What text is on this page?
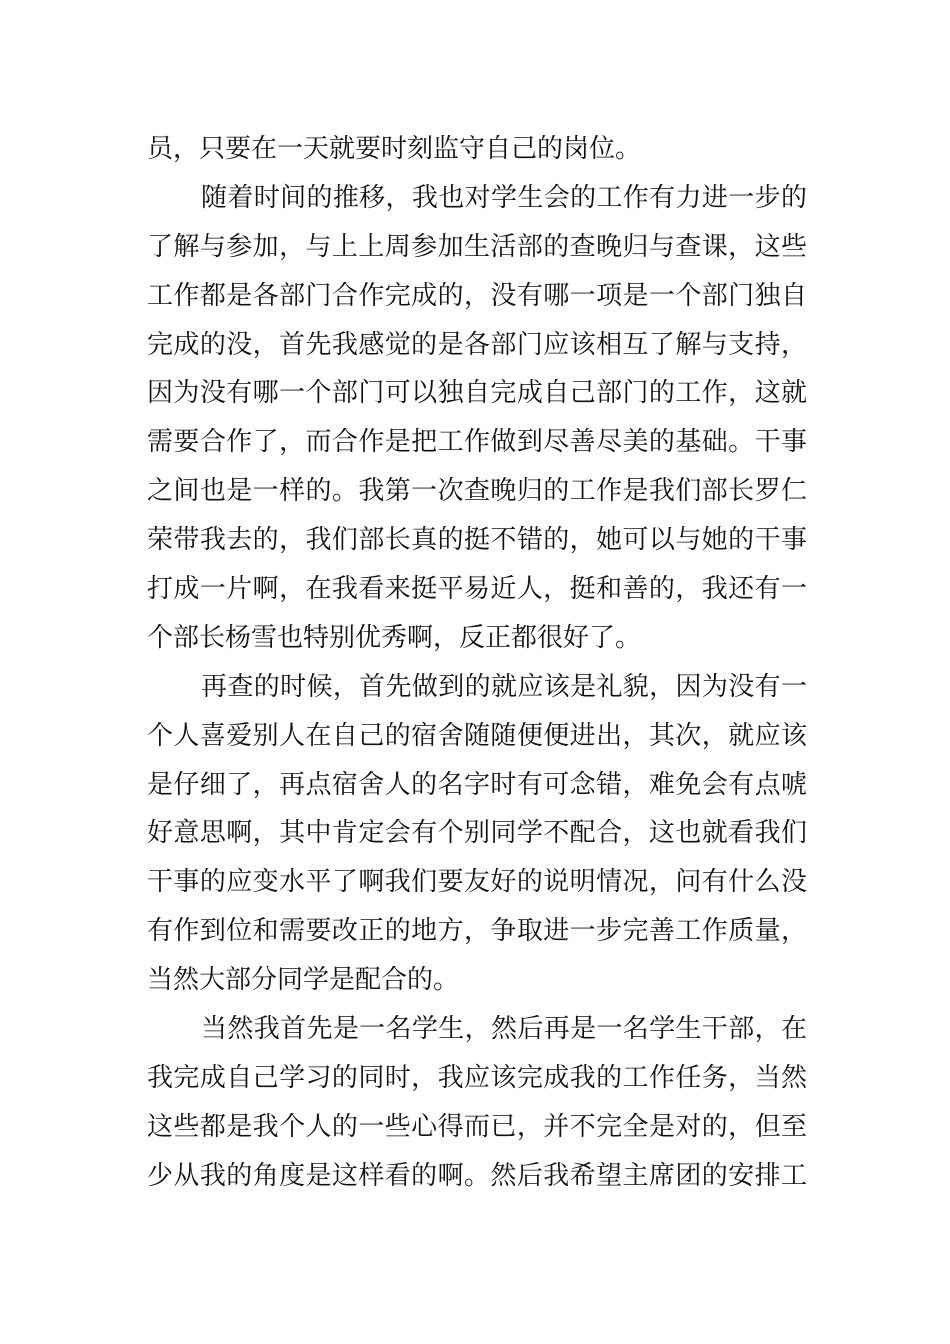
员，只要在一天就要时刻监守自己的岗位。
随着时间的推移，我也对学生会的工作有力进一步的
了解与参加，与上上周参加生活部的查晚归与查课，这些
工作都是各部门合作完成的，没有哪一项是一个部门独自
完成的没，首先我感觉的是各部门应该相互了解与支持，
因为没有哪一个部门可以独自完成自己部门的工作，这就
需要合作了，而合作是把工作做到尽善尽美的基础。干事
之间也是一样的。我第一次查晚归的工作是我们部长罗仁
荣带我去的，我们部长真的挺不错的，她可以与她的干事
打成一片啊，在我看来挺平易近人，挺和善的，我还有一
个部长杨雪也特别优秀啊，反正都很好了。
再查的时候，首先做到的就应该是礼貌，因为没有一
个人喜爱别人在自己的宿舍随随便便进出，其次，就应该
是仔细了，再点宿舍人的名字时有可念错，难免会有点唬
好意思啊，其中肯定会有个别同学不配合，这也就看我们
干事的应变水平了啊我们要友好的说明情况，问有什么没
有作到位和需要改正的地方，争取进一步完善工作质量，
当然大部分同学是配合的。
当然我首先是一名学生，然后再是一名学生干部，在
我完成自己学习的同时，我应该完成我的工作任务，当然
这些都是我个人的一些心得而已，并不完全是对的，但至
少从我的角度是这样看的啊。然后我希望主席团的安排工
